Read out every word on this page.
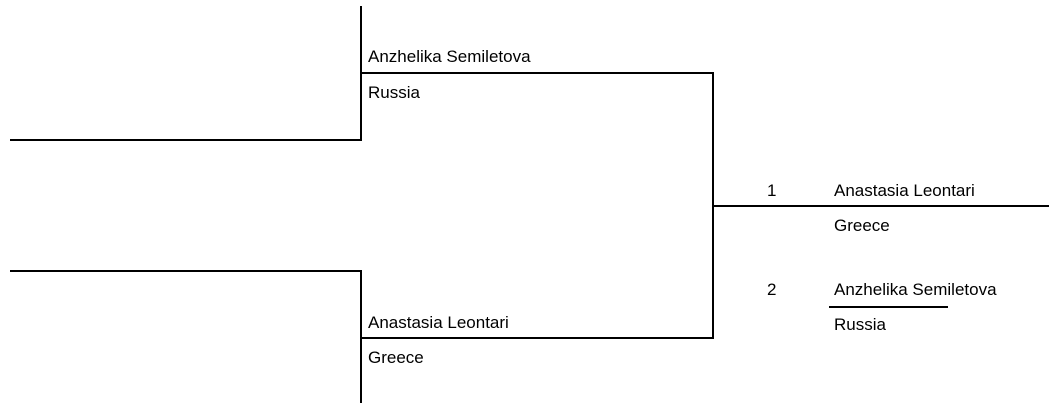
Anzhelika Semiletova
Russia
Anastasia Leontari
Greece
1	Anastasia Leontari
Greece
2	Anzhelika Semiletova
Russia
